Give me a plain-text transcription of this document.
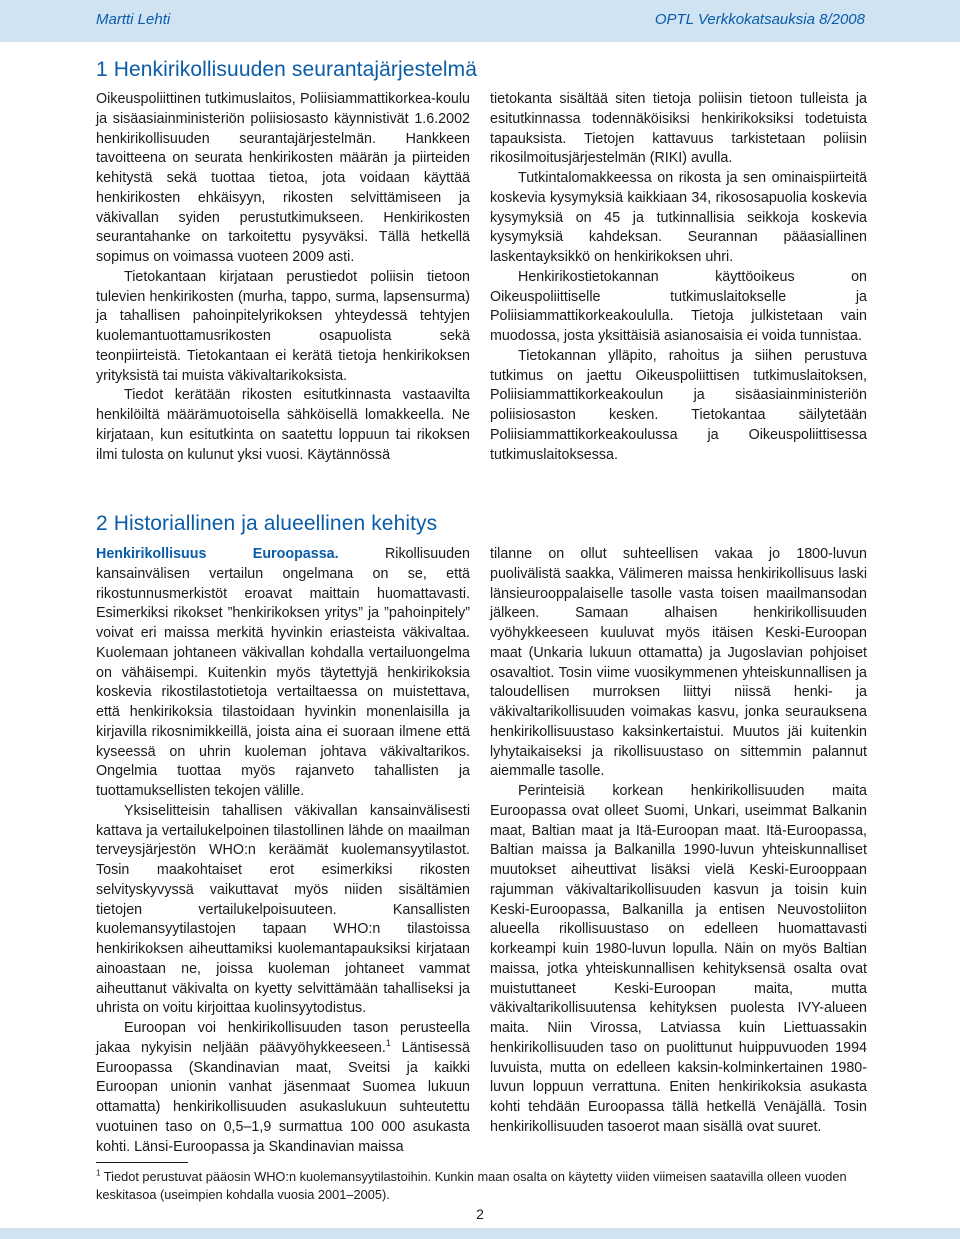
Martti Lehti	OPTL Verkkokatsauksia 8/2008
1 Henkirikollisuuden seurantajärjestelmä

Oikeuspoliittinen tutkimuslaitos, Poliisiammattikorkea-koulu ja sisäasiainministeriön poliisiosasto käynnistivät 1.6.2002 henkirikollisuuden seurantajärjestelmän. Hankkeen tavoitteena on seurata henkirikosten määrän ja piirteiden kehitystä sekä tuottaa tietoa, jota voidaan käyttää henkirikosten ehkäisyyn, rikosten selvittämiseen ja väkivallan syiden perustutkimukseen. Henkirikosten seurantahanke on tarkoitettu pysyväksi. Tällä hetkellä sopimus on voimassa vuoteen 2009 asti.

Tietokantaan kirjataan perustiedot poliisin tietoon tulevien henkirikosten (murha, tappo, surma, lapsensurma) ja tahallisen pahoinpitelyrikoksen yhteydessä tehtyjen kuolemantuottamusrikosten osapuolista sekä teonpiirteistä. Tietokantaan ei kerätä tietoja henkirikoksen yrityksistä tai muista väkivaltarikoksista.

Tiedot kerätään rikosten esitutkinnasta vastaavilta henkilöiltä määrämuotoisella sähköisellä lomakkeella. Ne kirjataan, kun esitutkinta on saatettu loppuun tai rikoksen ilmi tulosta on kulunut yksi vuosi. Käytännössä

tietokanta sisältää siten tietoja poliisin tietoon tulleista ja esitutkinnassa todennäköisiksi henkirikoksiksi todetuista tapauksista. Tietojen kattavuus tarkistetaan poliisin rikosilmoitusjärjestelmän (RIKI) avulla.

Tutkintalomakkeessa on rikosta ja sen ominaispiirteitä koskevia kysymyksiä kaikkiaan 34, rikososapuolia koskevia kysymyksiä on 45 ja tutkinnallisia seikkoja koskevia kysymyksiä kahdeksan. Seurannan pääasiallinen laskentayksikkö on henkirikoksen uhri.

Henkirikostietokannan käyttöoikeus on Oikeuspoliittiselle tutkimuslaitokselle ja Poliisiammattikorkeakoululla. Tietoja julkistetaan vain muodossa, josta yksittäisiä asianosaisia ei voida tunnistaa.

Tietokannan ylläpito, rahoitus ja siihen perustuva tutkimus on jaettu Oikeuspoliittisen tutkimuslaitoksen, Poliisiammattikorkeakoulun ja sisäasiainministeriön poliisiosaston kesken. Tietokantaa säilytetään Poliisiammattikorkeakoulussa ja Oikeuspoliittisessa tutkimuslaitoksessa.

2 Historiallinen ja alueellinen kehitys

Henkirikollisuus Euroopassa.	Rikollisuuden kansainvälisen vertailun ongelmana on se, että rikostunnusmerkistöt eroavat maittain huomattavasti. Esimerkiksi rikokset ”henkirikoksen yritys” ja ”pahoinpitely” voivat eri maissa merkitä hyvinkin eriasteista väkivaltaa. Kuolemaan johtaneen väkivallan kohdalla vertailuongelma on vähäisempi. Kuitenkin myös täytettyjä henkirikoksia koskevia rikostilastotietoja vertailtaessa on muistettava, että henkirikoksia tilastoidaan hyvinkin monenlaisilla ja kirjavilla rikosnimikkeillä, joista aina ei suoraan ilmene että kyseessä on uhrin kuoleman johtava väkivaltarikos. Ongelmia tuottaa myös rajanveto tahallisten ja tuottamuksellisten tekojen välille.

Yksiselitteisin tahallisen väkivallan kansainvälisesti kattava ja vertailukelpoinen tilastollinen lähde on maailman terveysjärjestön WHO:n keräämät kuolemansyytilastot. Tosin maakohtaiset erot esimerkiksi rikosten selvityskyvyssä vaikuttavat myös niiden sisältämien tietojen vertailukelpoisuuteen. Kansallisten kuolemansyytilastojen tapaan WHO:n tilastoissa henkirikoksen aiheuttamiksi kuolemantapauksiksi kirjataan ainoastaan ne, joissa kuoleman johtaneet vammat aiheuttanut väkivalta on kyetty selvittämään tahalliseksi ja uhrista on voitu kirjoittaa kuolinsyytodistus.

Euroopan voi henkirikollisuuden tason perusteella jakaa nykyisin neljään päävyöhykkeeseen.$^1$ Läntisessä Euroopassa (Skandinavian maat, Sveitsi ja kaikki Euroopan unionin vanhat jäsenmaat Suomea lukuun ottamatta) henkirikollisuuden asukaslukuun suhteutettu vuotuinen taso on 0,5–1,9 surmattua 100 000 asukasta kohti. Länsi-Euroopassa ja Skandinavian maissa

tilanne on ollut suhteellisen vakaa jo 1800-luvun puolivälistä saakka, Välimeren maissa henkirikollisuus laski länsieurooppalaiselle tasolle vasta toisen maailmansodan jälkeen. Samaan alhaisen henkirikollisuuden vyöhykkeeseen kuuluvat myös itäisen Keski-Euroopan maat (Unkaria lukuun ottamatta) ja Jugoslavian pohjoiset osavaltiot. Tosin viime vuosikymmenen yhteiskunnallisen ja taloudellisen murroksen liittyi niissä henki- ja väkivaltarikollisuuden voimakas kasvu, jonka seurauksena henkirikollisuustaso kaksinkertaistui. Muutos jäi kuitenkin lyhytaikaiseksi ja rikollisuustaso on sittemmin palannut aiemmalle tasolle.

Perinteisiä korkean henkirikollisuuden maita Euroopassa ovat olleet Suomi, Unkari, useimmat Balkanin maat, Baltian maat ja Itä-Euroopan maat. Itä-Euroopassa, Baltian maissa ja Balkanilla 1990-luvun yhteiskunnalliset muutokset aiheuttivat lisäksi vielä Keski-Eurooppaan rajumman väkivaltarikollisuuden kasvun ja toisin kuin Keski-Euroopassa, Balkanilla ja entisen Neuvostoliiton alueella rikollisuustaso on edelleen huomattavasti korkeampi kuin 1980-luvun lopulla. Näin on myös Baltian maissa, jotka yhteiskunnallisen kehityksensä osalta ovat muistuttaneet Keski-Euroopan maita, mutta väkivaltarikollisuutensa kehityksen puolesta IVY-alueen maita. Niin Virossa, Latviassa kuin Liettuassakin henkirikollisuuden taso on puolittunut huippuvuoden 1994 luvuista, mutta on edelleen kaksin-kolminkertainen 1980-luvun loppuun verrattuna. Eniten henkirikoksia asukasta kohti tehdään Euroopassa tällä hetkellä Venäjällä. Tosin henkirikollisuuden tasoerot maan sisällä ovat suuret.

$^1$ Tiedot perustuvat pääosin WHO:n kuolemansyytilastoihin. Kunkin maan osalta on käytetty viiden viimeisen saatavilla olleen vuoden keskitasoa (useimpien kohdalla vuosia 2001–2005).
2
